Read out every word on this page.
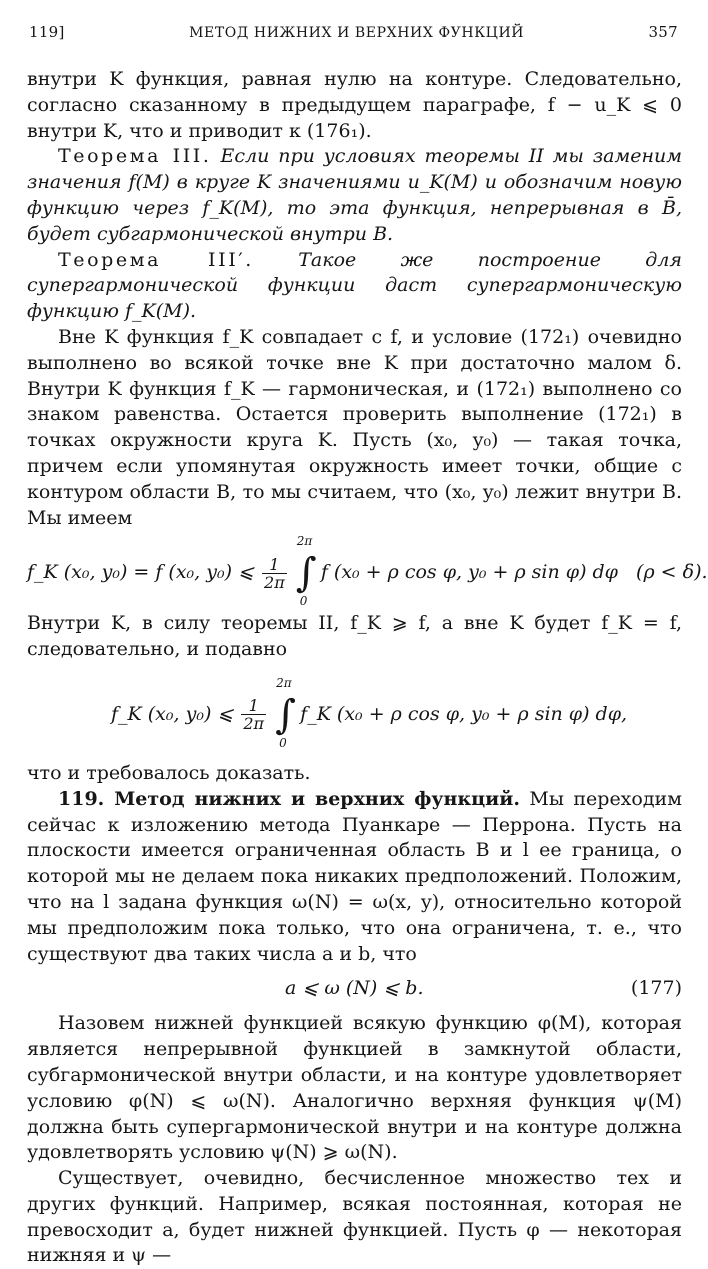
119]	МЕТОД НИЖНИХ И ВЕРХНИХ ФУНКЦИЙ	357

внутри K функция, равная нулю на контуре. Следовательно, согласно сказанному в предыдущем параграфе, f − u_K ⩽ 0 внутри K, что и приводит к (176₁).

Теорема III. Если при условиях теоремы II мы заменим значения f(M) в круге K значениями u_K(M) и обозначим новую функцию через f_K(M), то эта функция, непрерывная в B̄, будет субгармонической внутри B.

Теорема III′. Такое же построение для супергармонической функции даст супергармоническую функцию f_K(M).

Вне K функция f_K совпадает с f, и условие (172₁) очевидно выполнено во всякой точке вне K при достаточно малом δ. Внутри K функция f_K — гармоническая, и (172₁) выполнено со знаком равенства. Остается проверить выполнение (172₁) в точках окружности круга K. Пусть (x₀, y₀) — такая точка, причем если упомянутая окружность имеет точки, общие с контуром области B, то мы считаем, что (x₀, y₀) лежит внутри B. Мы имеем

f_K (x₀, y₀) = f (x₀, y₀) ⩽ $\frac{1}{2\pi}$

2π
∫
0
f (x₀ + ρ cos φ, y₀ + ρ sin φ) dφ (ρ < δ).

Внутри K, в силу теоремы II, f_K ⩾ f, а вне K будет f_K = f, следовательно, и подавно

f_K (x₀, y₀) ⩽ $\frac{1}{2\pi}$

2π
∫
0
f_K (x₀ + ρ cos φ, y₀ + ρ sin φ) dφ,

что и требовалось доказать.

119. Метод нижних и верхних функций. Мы переходим сейчас к изложению метода Пуанкаре — Перрона. Пусть на плоскости имеется ограниченная область B и l ее граница, о которой мы не делаем пока никаких предположений. Положим, что на l задана функция ω(N) = ω(x, y), относительно которой мы предположим пока только, что она ограничена, т. е., что существуют два таких числа a и b, что

a ⩽ ω (N) ⩽ b.	(177)

Назовем нижней функцией всякую функцию φ(M), которая является непрерывной функцией в замкнутой области, субгармонической внутри области, и на контуре удовлетворяет условию φ(N) ⩽ ω(N). Аналогично верхняя функция ψ(M) должна быть супергармонической внутри и на контуре должна удовлетворять условию ψ(N) ⩾ ω(N).

Существует, очевидно, бесчисленное множество тех и других функций. Например, всякая постоянная, которая не превосходит a, будет нижней функцией. Пусть φ — некоторая нижняя и ψ —
